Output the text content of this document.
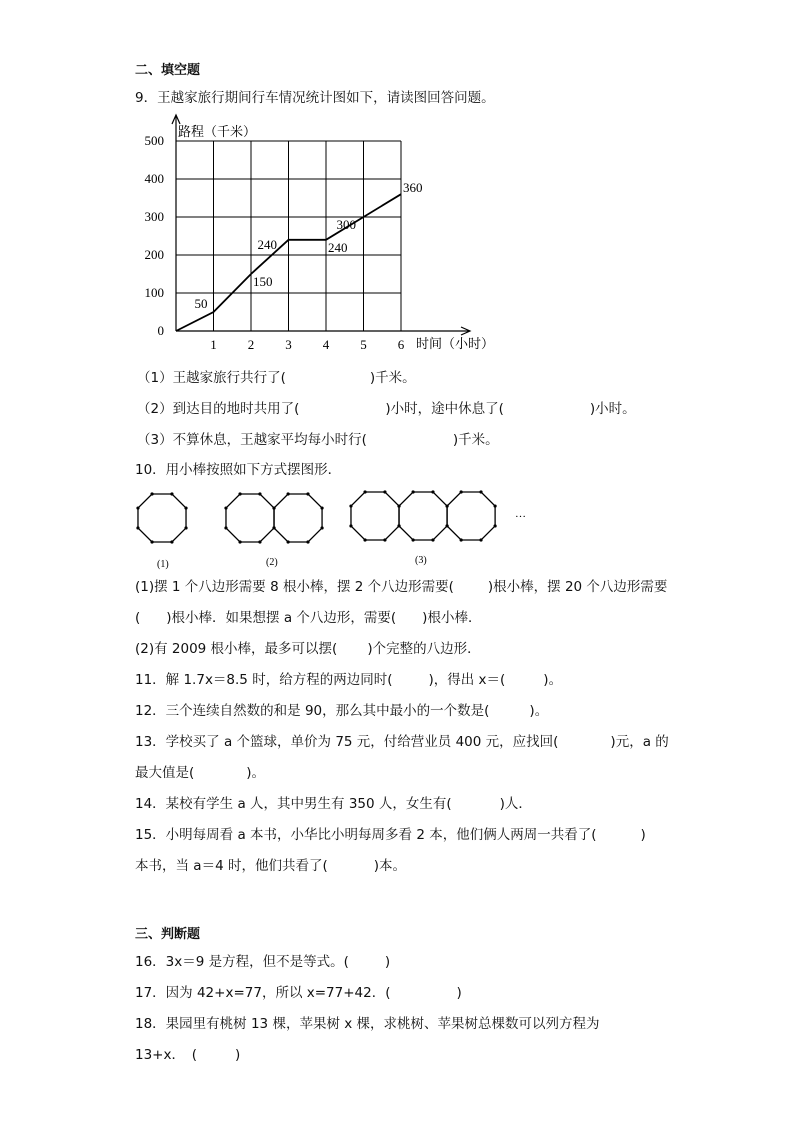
二、填空题
9．王越家旅行期间行车情况统计图如下，请读图回答问题。
1 2 3 4 5 6
100
200
300
400
500
0
50
150
240	240
300
360
路程（千米）
时间（小时）
（1）王越家旅行共行了(	)千米。
（2）到达目的地时共用了(	)小时，途中休息了(	)小时。
（3）不算休息，王越家平均每小时行(	)千米。
10．用小棒按照如下方式摆图形．
(1)	(2)	(3)
…
(1)摆 1 个八边形需要 8 根小棒，摆 2 个八边形需要(	)根小棒，摆 20 个八边形需要
( )根小棒．如果想摆 a 个八边形，需要( )根小棒．
(2)有 2009 根小棒，最多可以摆( )个完整的八边形．
11．解 1.7x＝8.5 时，给方程的两边同时(	)，得出 x＝(	)。
12．三个连续自然数的和是 90，那么其中最小的一个数是(	)。
13．学校买了 a 个篮球，单价为 75 元，付给营业员 400 元，应找回(	)元，a 的
最大值是(	)。
14．某校有学生 a 人，其中男生有 350 人，女生有(	)人．
15．小明每周看 a 本书，小华比小明每周多看 2 本，他们俩人两周一共看了(	)
本书，当 a＝4 时，他们共看了(	)本。
三、判断题
16．3x＝9 是方程，但不是等式。(	)
17．因为 42+x=77，所以 x=77+42．(	)
18．果园里有桃树 13 棵，苹果树 x 棵，求桃树、苹果树总棵数可以列方程为
13+x．　(	)
